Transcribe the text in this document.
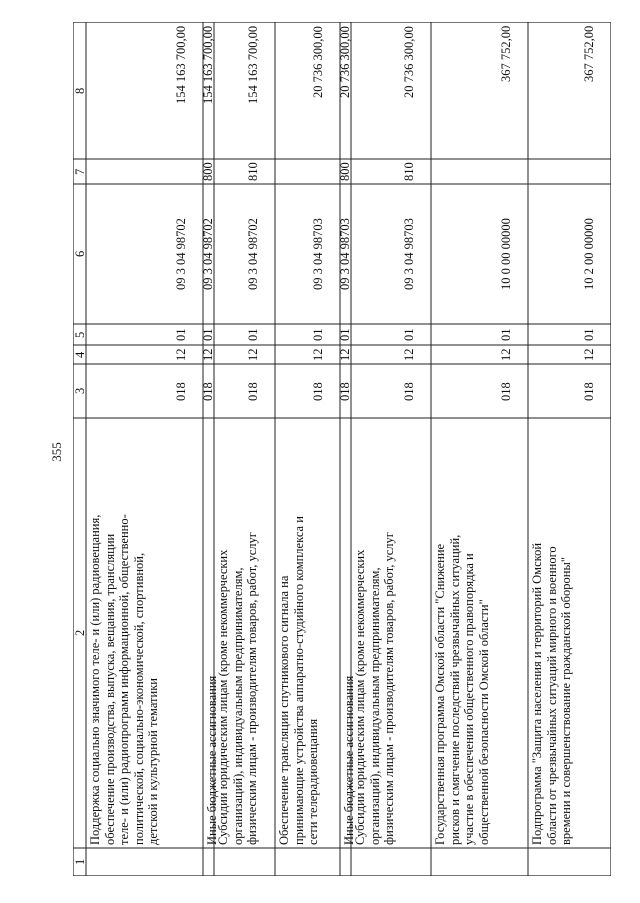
355
1
2
3
4
5
6
7
8
Поддержка социально значимого теле- и (или) радиовещания,
обеспечение производства, выпуска, вещания, трансляции
теле- и (или) радиопрограмм информационной, общественно-
политической, социально-экономической, спортивной,
детской и культурной тематики
018
12
01
09 3 04 98702
154 163 700,00
Иные бюджетные ассигнования
018
12
01
09 3 04 98702
800
154 163 700,00
Субсидии юридическим лицам (кроме некоммерческих
организаций), индивидуальным предпринимателям,
физическим лицам - производителям товаров, работ, услуг
018
12
01
09 3 04 98702
810
154 163 700,00
Обеспечение трансляции спутникового сигнала на
принимающие устройства аппаратно-студийного комплекса и
сети телерадиовещания
018
12
01
09 3 04 98703
20 736 300,00
Иные бюджетные ассигнования
018
12
01
09 3 04 98703
800
20 736 300,00
Субсидии юридическим лицам (кроме некоммерческих
организаций), индивидуальным предпринимателям,
физическим лицам - производителям товаров, работ, услуг
018
12
01
09 3 04 98703
810
20 736 300,00
Государственная программа Омской области "Снижение
рисков и смягчение последствий чрезвычайных ситуаций,
участие в обеспечении общественного правопорядка и
общественной безопасности Омской области"
018
12
01
10 0 00 00000
367 752,00
Подпрограмма "Защита населения и территорий Омской
области от чрезвычайных ситуаций мирного и военного
времени и совершенствование гражданской обороны"
018
12
01
10 2 00 00000
367 752,00
